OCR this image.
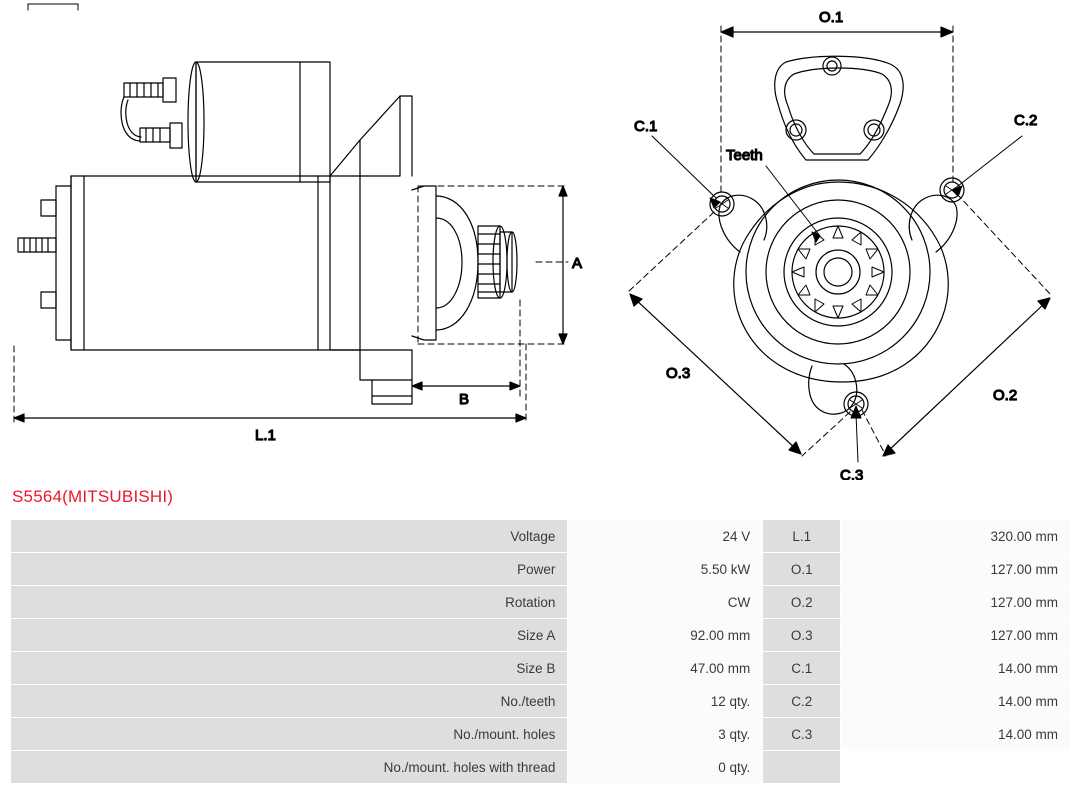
A
B
L.1
Teeth
C.1	C.2
C.3
O.1
O.2
O.3
S5564(MITSUBISHI)
Voltage	24 V	L.1	320.00 mm
Power	5.50 kW	O.1	127.00 mm
Rotation	CW	O.2	127.00 mm
Size A	92.00 mm	O.3	127.00 mm
Size B	47.00 mm	C.1	14.00 mm
No./teeth	12 qty.	C.2	14.00 mm
No./mount. holes	3 qty.	C.3	14.00 mm
No./mount. holes with thread	0 qty.		
